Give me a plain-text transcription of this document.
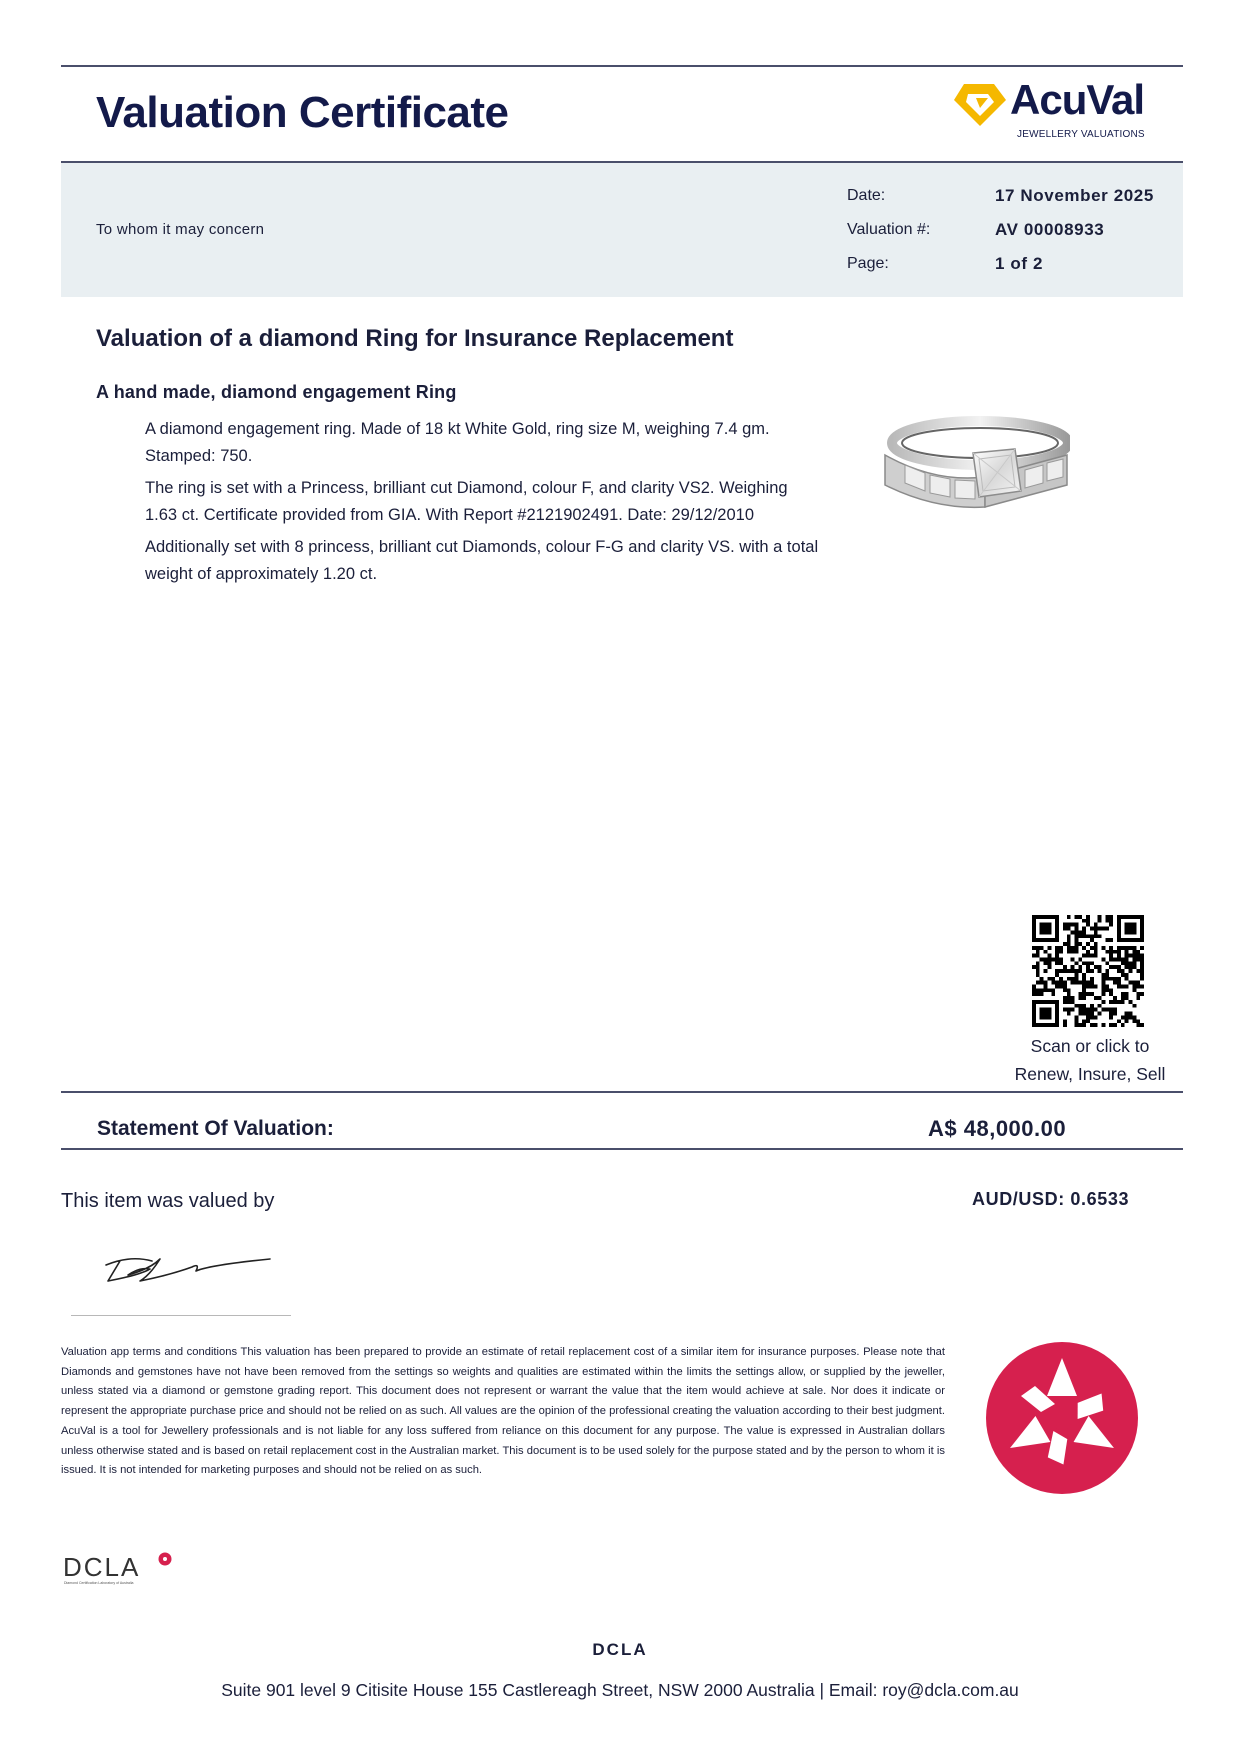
Valuation Certificate	AcuVal
JEWELLERY VALUATIONS
To whom it may concern
Date:	17 November 2025
Valuation #:	AV 00008933
Page:	1 of 2
Valuation of a diamond Ring for Insurance Replacement
A hand made, diamond engagement Ring
A diamond engagement ring. Made of 18 kt White Gold, ring size M, weighing 7.4 gm. Stamped: 750.
The ring is set with a Princess, brilliant cut Diamond, colour F, and clarity VS2. Weighing 1.63 ct. Certificate provided from GIA. With Report #2121902491. Date: 29/12/2010
Additionally set with 8 princess, brilliant cut Diamonds, colour F-G and clarity VS. with a total weight of approximately 1.20 ct.
Scan or click to
Renew, Insure, Sell
Statement Of Valuation:	A$ 48,000.00
This item was valued by	AUD/USD: 0.6533
Valuation app terms and conditions This valuation has been prepared to provide an estimate of retail replacement cost of a similar item for insurance purposes. Please note that Diamonds and gemstones have not have been removed from the settings so weights and qualities are estimated within the limits the settings allow, or supplied by the jeweller, unless stated via a diamond or gemstone grading report. This document does not represent or warrant the value that the item would achieve at sale. Nor does it indicate or represent the appropriate purchase price and should not be relied on as such. All values are the opinion of the professional creating the valuation according to their best judgment. AcuVal is a tool for Jewellery professionals and is not liable for any loss suffered from reliance on this document for any purpose. The value is expressed in Australian dollars unless otherwise stated and is based on retail replacement cost in the Australian market. This document is to be used solely for the purpose stated and by the person to whom it is issued. It is not intended for marketing purposes and should not be relied on as such.
DCLA
Diamond Certification Laboratory of Australia
DCLA
Suite 901 level 9 Citisite House 155 Castlereagh Street, NSW 2000 Australia | Email: roy@dcla.com.au
